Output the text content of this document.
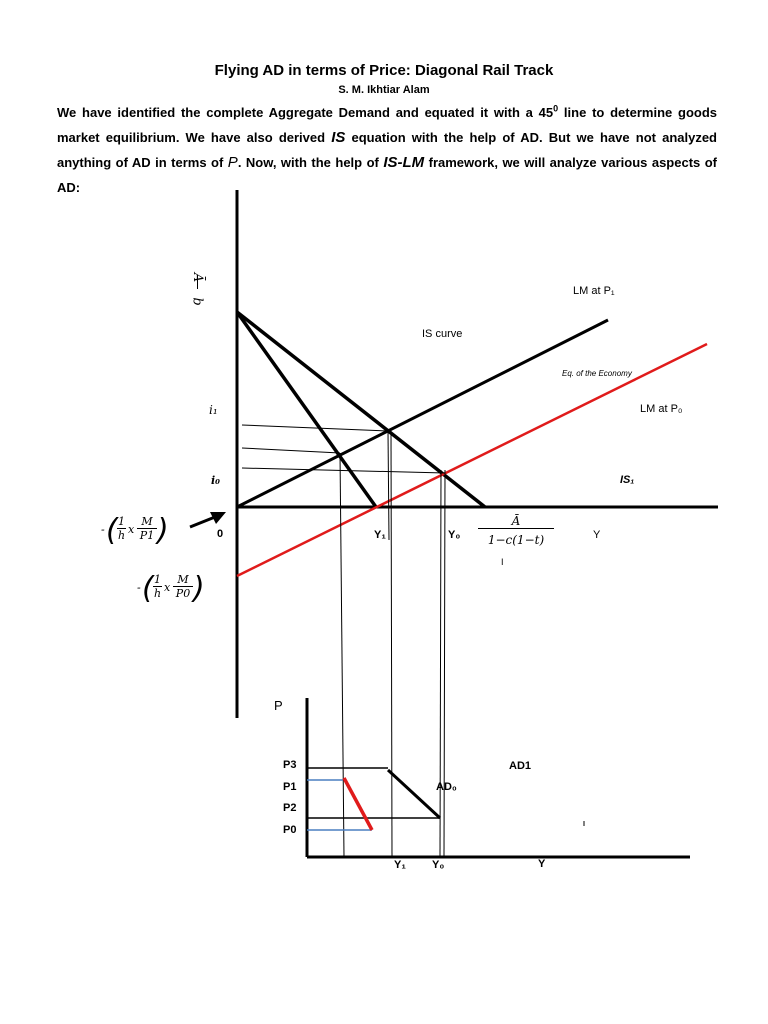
Flying AD in terms of Price: Diagonal Rail Track
S. M. Ikhtiar Alam
We have identified the complete Aggregate Demand and equated it with a $45^0$ line to determine goods market equilibrium. We have also derived IS equation with the help of AD. But we have not analyzed anything of AD in terms of P. Now, with the help of IS-LM framework, we will analyze various aspects of AD:
Ā
b
LM at P₁
IS curve
Eq. of the Economy
LM at P₀
i₁
i₀	IS₁
0	Y₁	Y₀	Y
I
Ā
1−c(1−t)
- ( 1
h x
M
P1 )
- ( 1
h x
M
P0 )
P
P3
P1
P2
P0
AD1
AD₀
Y₁ Y₀	Y
